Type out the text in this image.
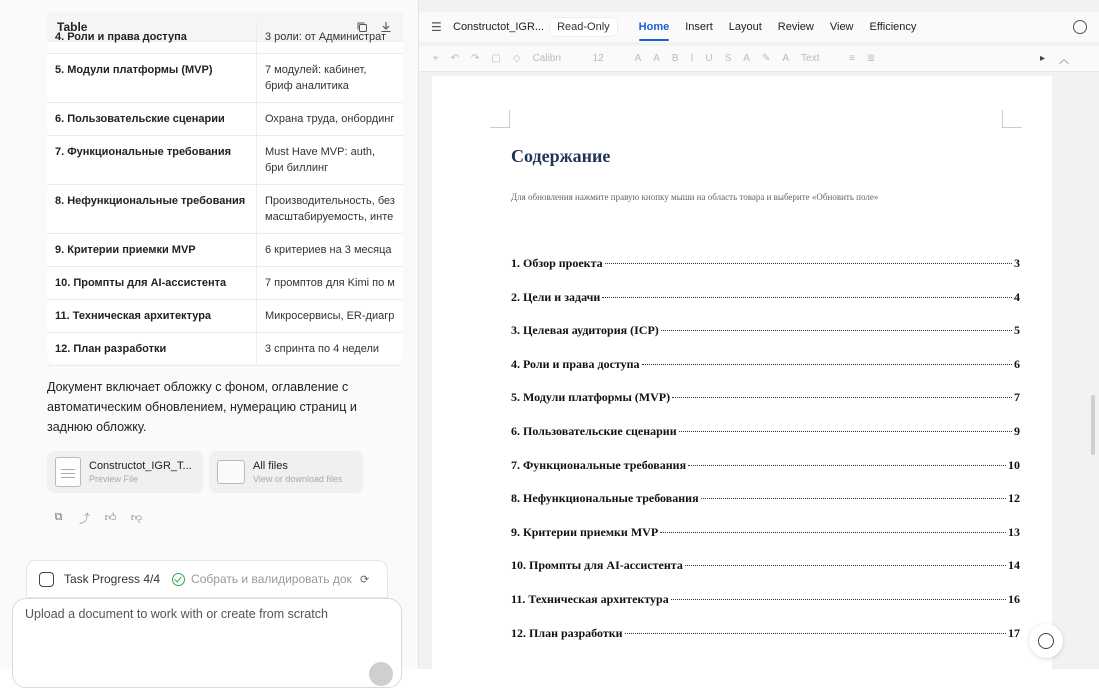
Table
4. Роли и права доступа	3 роли: от Администрат
5. Модули платформы (MVP)	7 модулей: кабинет, бриф аналитика
6. Пользовательские сценарии	Охрана труда, онбординг
7. Функциональные требования	Must Have MVP: auth, бри биллинг
8. Нефункциональные требования	Производительность, без масштабируемость, инте
9. Критерии приемки MVP	6 критериев на 3 месяца
10. Промпты для AI-ассистента	7 промптов для Kimi по м
11. Техническая архитектура	Микросервисы, ER-диагр
12. План разработки	3 спринта по 4 недели
Документ включает обложку с фоном, оглавление с автоматическим обновлением, нумерацию страниц и заднюю обложку.
Constructot_IGR_T...
Preview File
All files
View or download files
⧉ ⤴ 👍︎ 👎︎
Task Progress 4/4	Собрать и валидировать док ⟳
Upload a document to work with or create from scratch
☰ Constructot_IGR...	Read-Only	Home Insert Layout Review View Efficiency
⌖ ↶ ↷ ▢ ◇ Calibri	12	A A B I U S A ✎ A Text	≡ ≣	▸ ︿
Содержание
Для обновления нажмите правую кнопку мыши на область товара и выберите «Обновить поле»
1. Обзор проекта	3
2. Цели и задачи	4
3. Целевая аудитория (ICP)	5
4. Роли и права доступа	6
5. Модули платформы (MVP)	7
6. Пользовательские сценарии	9
7. Функциональные требования	10
8. Нефункциональные требования	12
9. Критерии приемки MVP	13
10. Промпты для AI-ассистента	14
11. Техническая архитектура	16
12. План разработки	17
